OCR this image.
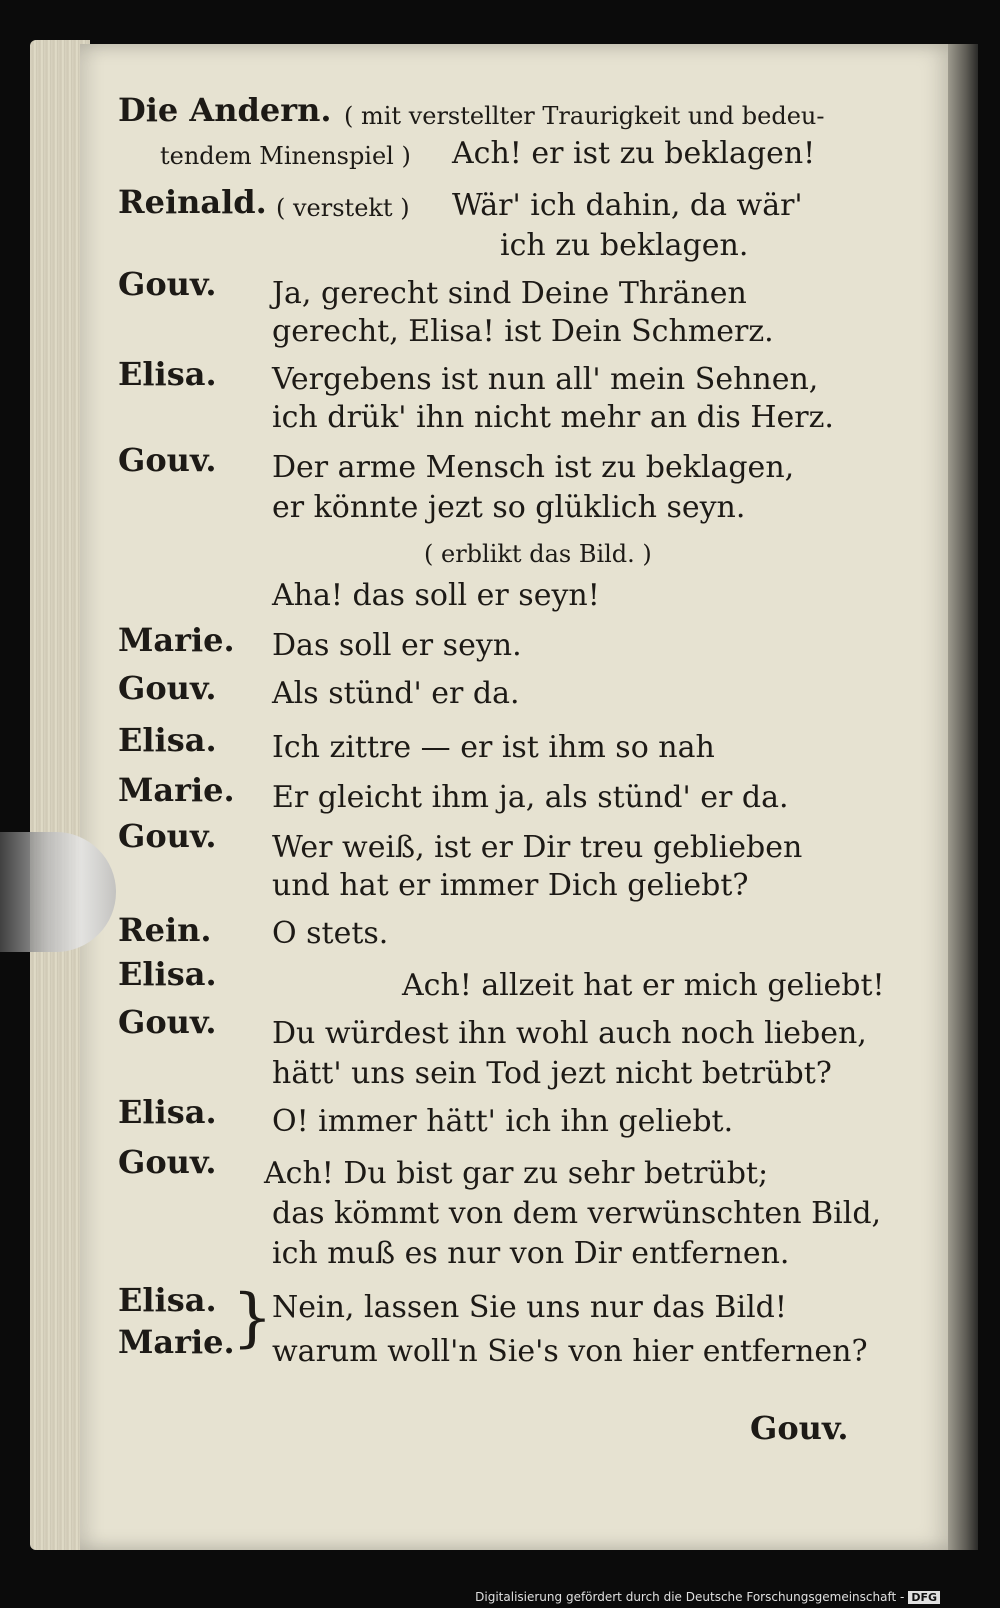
Die Andern. ( mit verstellter Traurigkeit und bedeu-
tendem Minenspiel ) Ach! er ist zu beklagen!
Reinald. ( verstekt ) Wär' ich dahin, da wär'
ich zu beklagen.
Gouv. Ja, gerecht sind Deine Thränen
gerecht, Elisa! ist Dein Schmerz.
Elisa. Vergebens ist nun all' mein Sehnen,
ich drük' ihn nicht mehr an dis Herz.
Gouv. Der arme Mensch ist zu beklagen,
er könnte jezt so glüklich seyn.
( erblikt das Bild. )
Aha! das soll er seyn!
Marie. Das soll er seyn.
Gouv. Als stünd' er da.
Elisa. Ich zittre — er ist ihm so nah
Marie. Er gleicht ihm ja, als stünd' er da.
Gouv. Wer weiß, ist er Dir treu geblieben
und hat er immer Dich geliebt?
Rein. O stets.
Elisa.	Ach! allzeit hat er mich geliebt!
Gouv. Du würdest ihn wohl auch noch lieben,
hätt' uns sein Tod jezt nicht betrübt?
Elisa. O! immer hätt' ich ihn geliebt.
Gouv. Ach! Du bist gar zu sehr betrübt;
das kömmt von dem verwünschten Bild,
ich muß es nur von Dir entfernen.
Elisa.
Marie.
} Nein, lassen Sie uns nur das Bild!
warum woll'n Sie's von hier entfernen?
Gouv.
Digitalisierung gefördert durch die Deutsche Forschungsgemeinschaft - DFG
